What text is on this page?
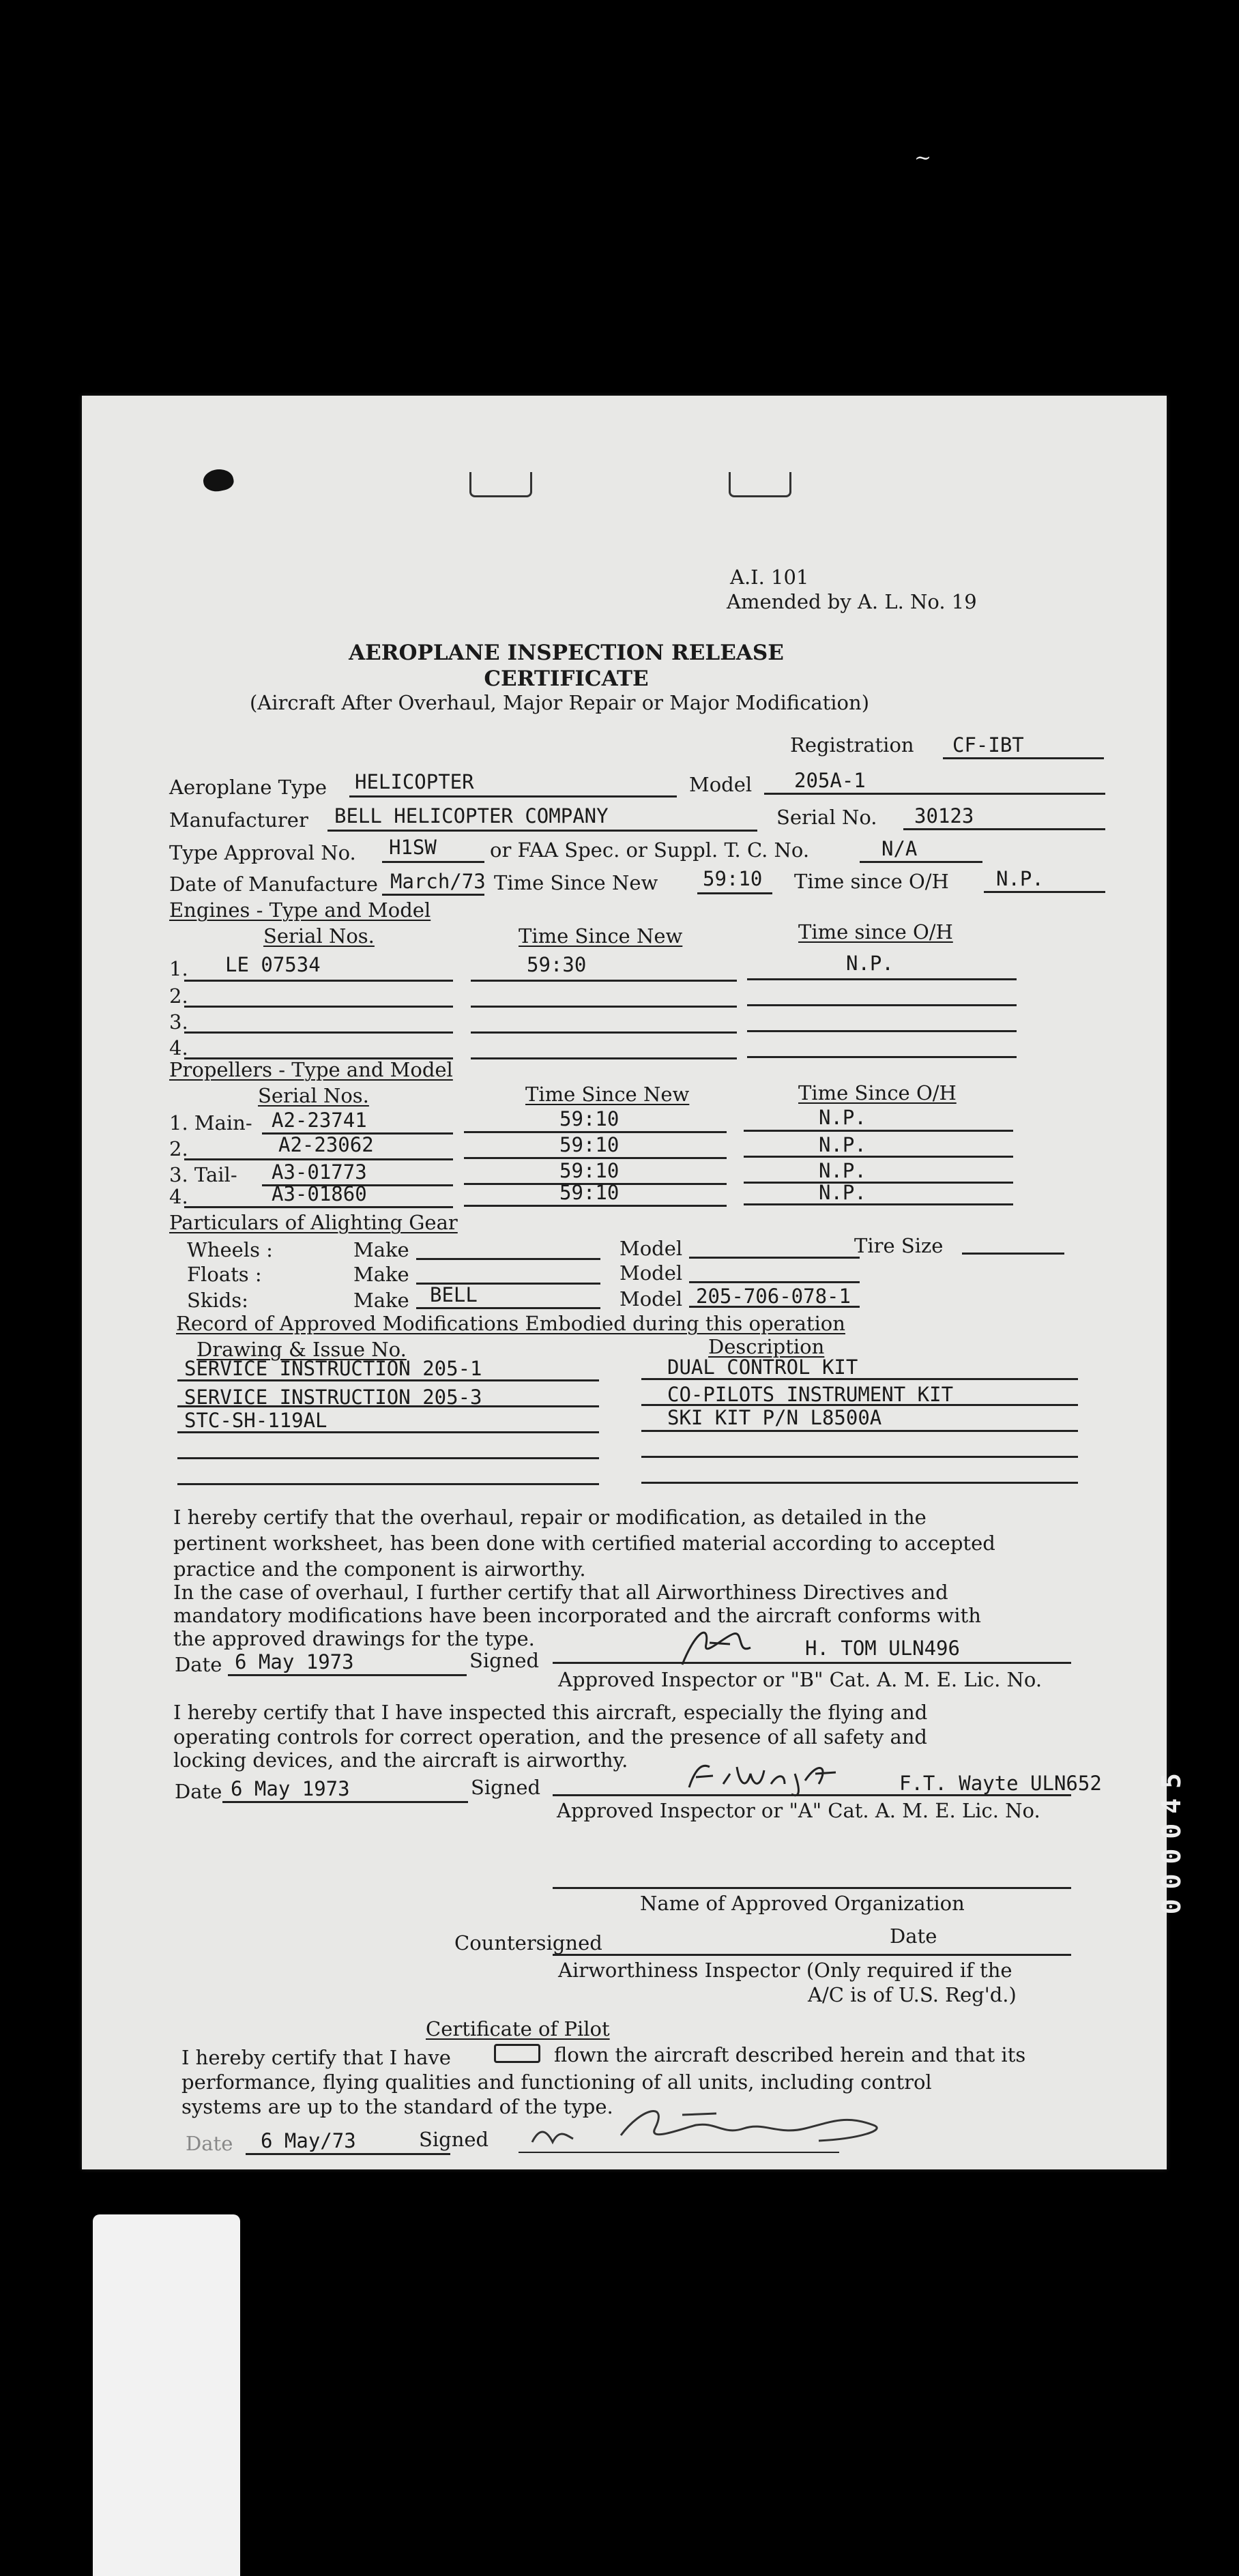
A.I. 101
Amended by A. L. No. 19
AEROPLANE INSPECTION RELEASE
CERTIFICATE
(Aircraft After Overhaul, Major Repair or Major Modification)
Registration CF-IBT
Aeroplane Type HELICOPTER	Model 205A-1
Manufacturer BELL HELICOPTER COMPANY	Serial No. 30123
Type Approval No. H1SW	or FAA Spec. or Suppl. T. C. No.	N/A
Date of Manufacture March/73 Time Since New 59:10 Time since O/H N.P.
Engines - Type and Model
Serial Nos.	Time Since New	Time since O/H
1. LE 07534	59:30	N.P.
2.
3.
4.
Propellers - Type and Model
Serial Nos.	Time Since New	Time Since O/H
1. Main- A2-23741	59:10	N.P.
2.	A2-23062	59:10	N.P.
3. Tail- A3-01773	59:10	N.P.
4.	A3-01860	59:10	N.P.
Particulars of Alighting Gear
Wheels :	Make	Model	Tire Size
Floats :	Make	Model
Skids:	Make BELL	Model 205-706-078-1
Record of Approved Modifications Embodied during this operation
Drawing & Issue No.	Description
SERVICE INSTRUCTION 205-1	DUAL CONTROL KIT
SERVICE INSTRUCTION 205-3	CO-PILOTS INSTRUMENT KIT
STC-SH-119AL	SKI KIT P/N L8500A
I hereby certify that the overhaul, repair or modification, as detailed in the
pertinent worksheet, has been done with certified material according to accepted
practice and the component is airworthy.
In the case of overhaul, I further certify that all Airworthiness Directives and
mandatory modifications have been incorporated and the aircraft conforms with
the approved drawings for the type.
Date 6 May 1973	Signed
H. TOM ULN496
Approved Inspector or "B" Cat. A. M. E. Lic. No.
I hereby certify that I have inspected this aircraft, especially the flying and
operating controls for correct operation, and the presence of all safety and
locking devices, and the aircraft is airworthy.
Date 6 May 1973	Signed	F.T. Wayte ULN652
Approved Inspector or "A" Cat. A. M. E. Lic. No.
Name of Approved Organization
Countersigned	Date
Airworthiness Inspector (Only required if the
A/C is of U.S. Reg'd.)
Certificate of Pilot
I hereby certify that I have	flown the aircraft described herein and that its
performance, flying qualities and functioning of all units, including control
systems are up to the standard of the type.
Date 6 May/73	Signed
~
000045
